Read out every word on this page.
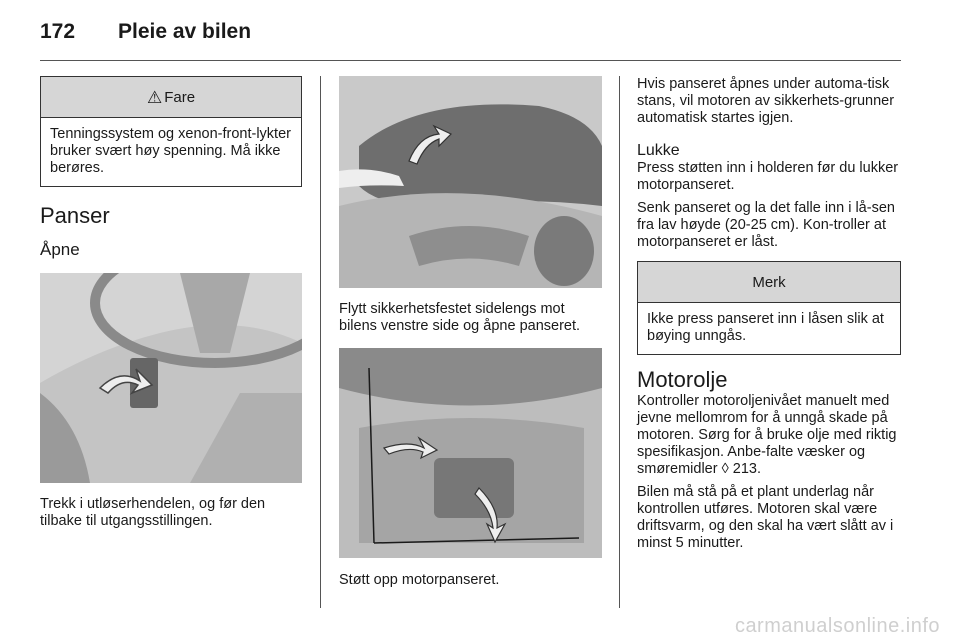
172 Pleie av bilen
⚠ Fare
Tenningssystem og xenon-front-lykter bruker svært høy spenning. Må ikke berøres.
Panser
Åpne

Trekk i utløserhendelen, og før den tilbake til utgangsstillingen.

Flytt sikkerhetsfestet sidelengs mot bilens venstre side og åpne panseret.

Støtt opp motorpanseret.

Hvis panseret åpnes under automa-tisk stans, vil motoren av sikkerhets-grunner automatisk startes igjen.

Lukke

Press støtten inn i holderen før du lukker motorpanseret.

Senk panseret og la det falle inn i lå-sen fra lav høyde (20-25 cm). Kon-troller at motorpanseret er låst.

Merk
Ikke press panseret inn i låsen slik at bøying unngås.
Motorolje

Kontroller motoroljenivået manuelt med jevne mellomrom for å unngå skade på motoren. Sørg for å bruke olje med riktig spesifikasjon. Anbe-falte væsker og smøremidler ◊ 213.

Bilen må stå på et plant underlag når kontrollen utføres. Motoren skal være driftsvarm, og den skal ha vært slått av i minst 5 minutter.

carmanualsonline.info
